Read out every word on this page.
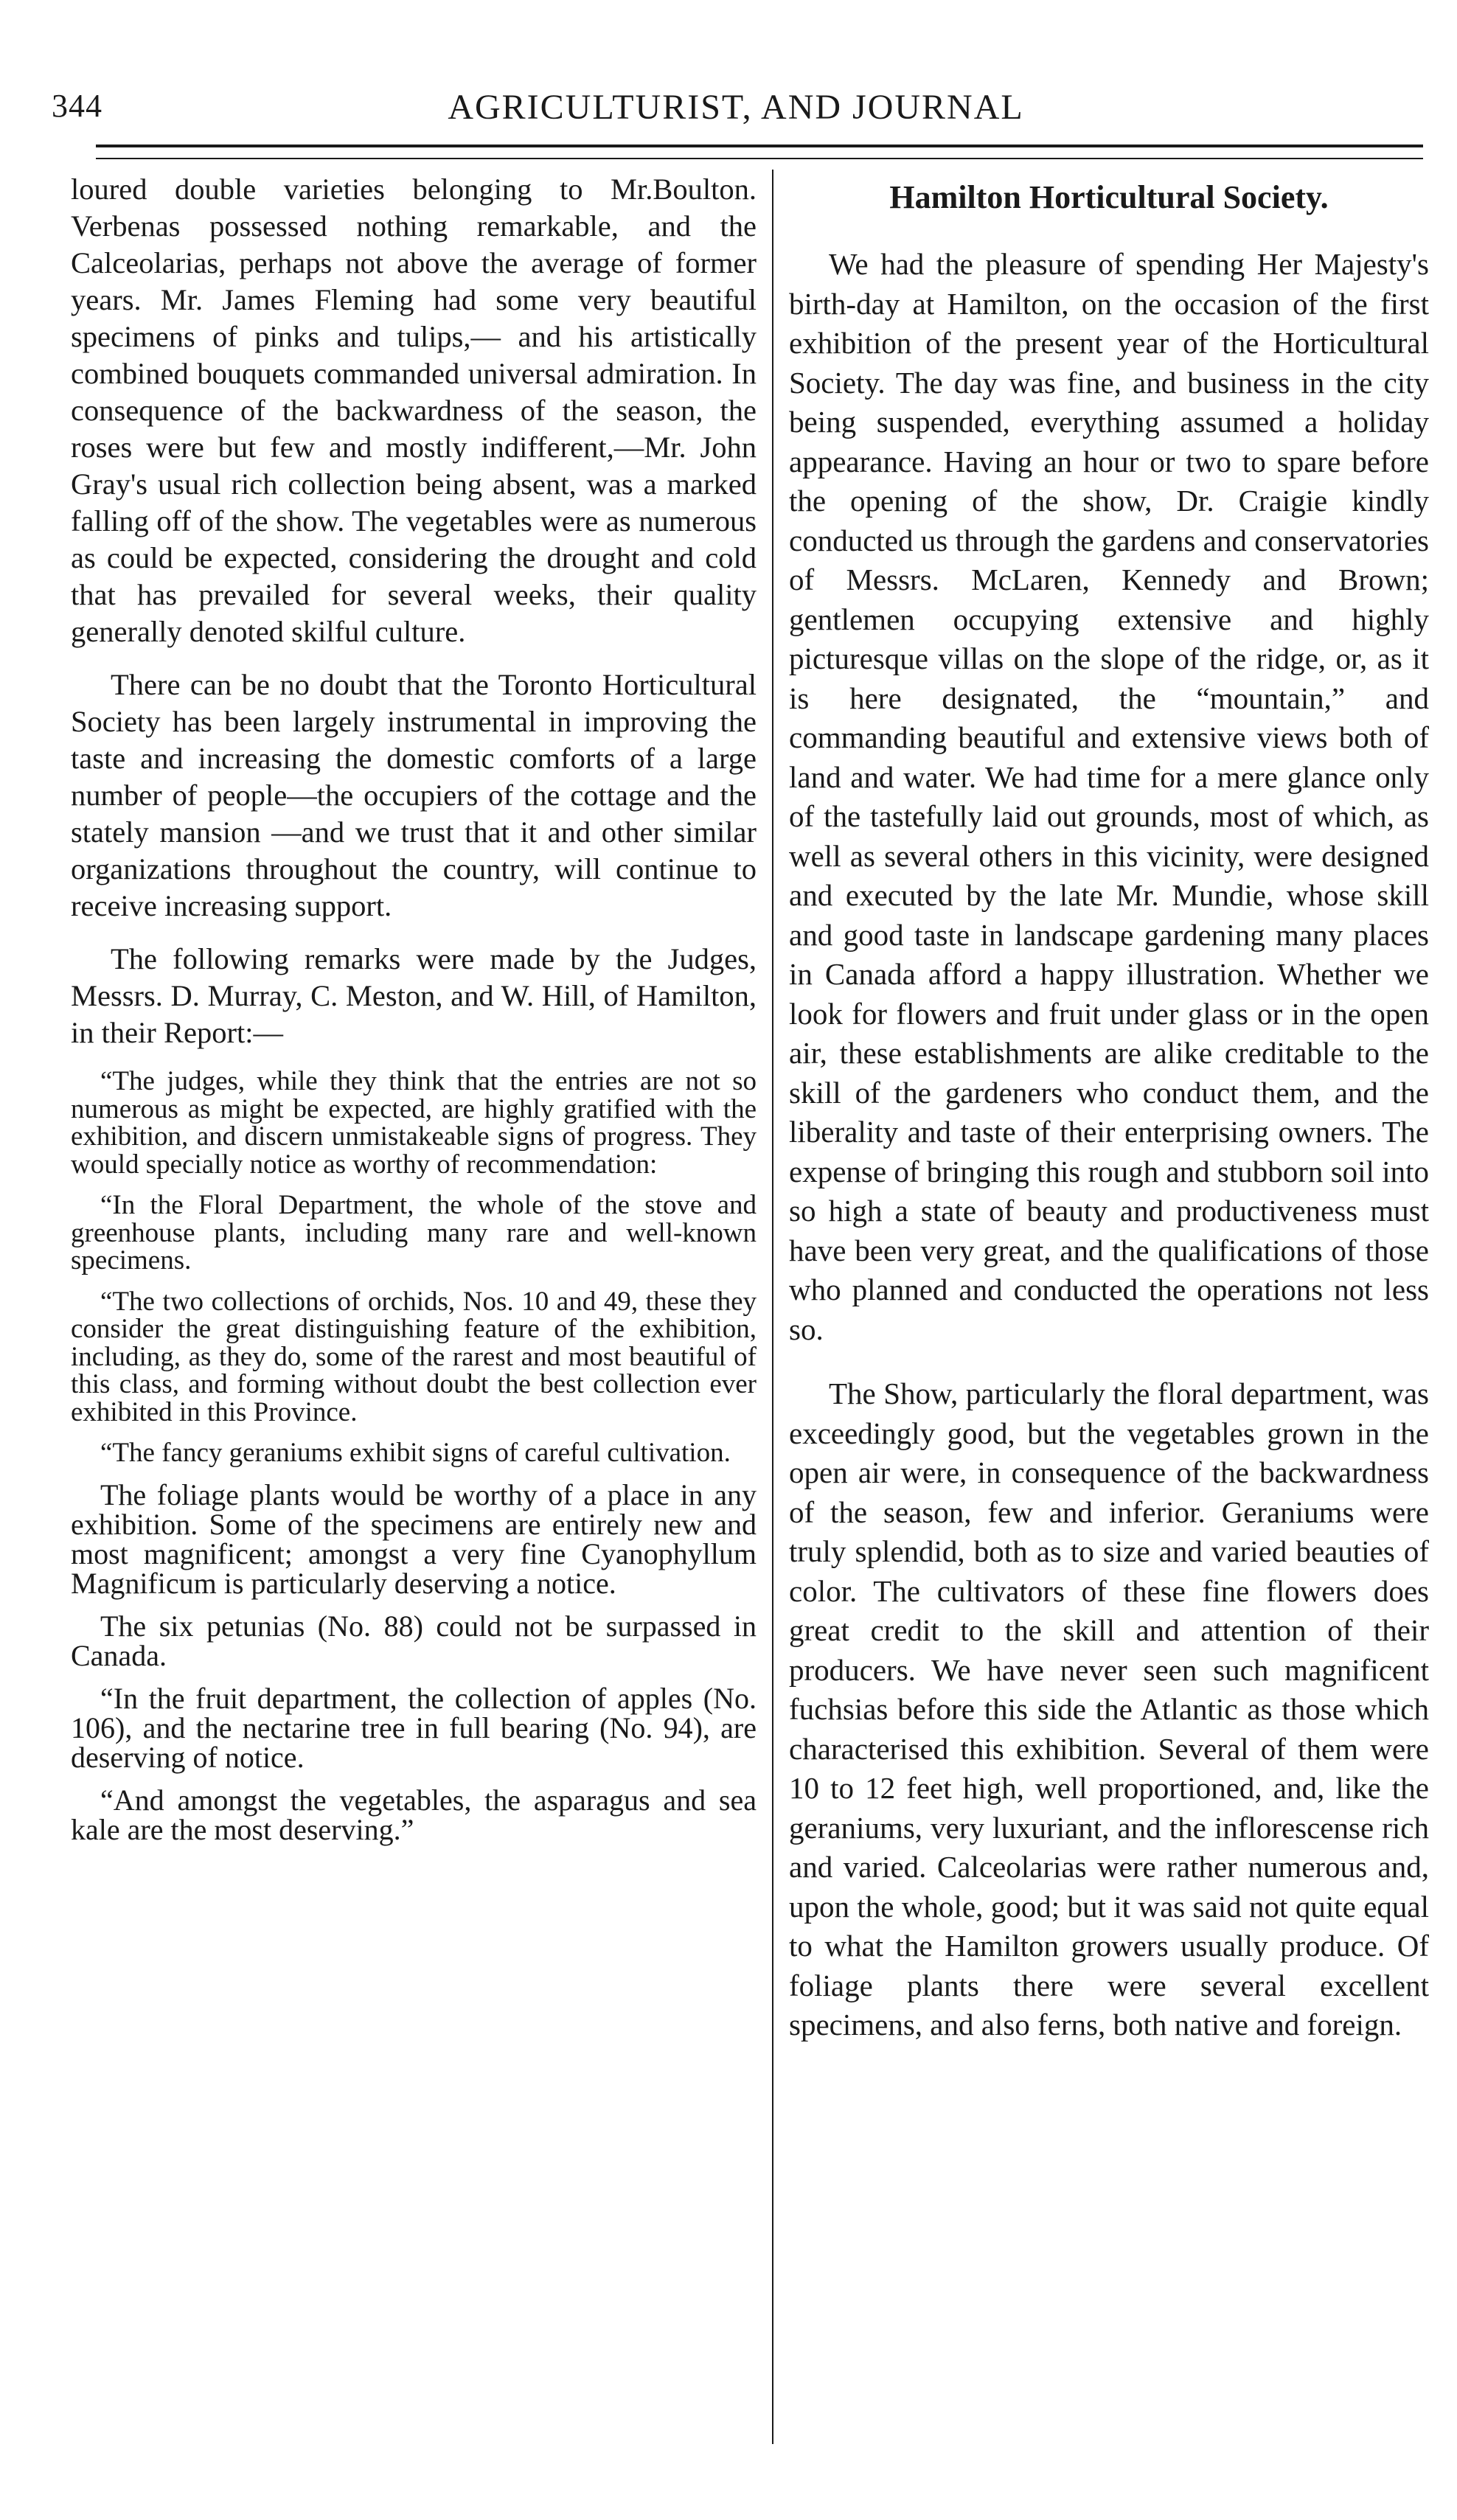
344	AGRICULTURIST, AND JOURNAL

loured double varieties belonging to Mr.Boulton. Verbenas possessed nothing remarkable, and the Calceolarias, perhaps not above the average of former years. Mr. James Fleming had some very beautiful specimens of pinks and tulips,— and his artistically combined bouquets commanded universal admiration. In consequence of the backwardness of the season, the roses were but few and mostly indifferent,—Mr. John Gray's usual rich collection being absent, was a marked falling off of the show. The vegetables were as numerous as could be expected, considering the drought and cold that has prevailed for several weeks, their quality generally denoted skilful culture.

There can be no doubt that the Toronto Horticultural Society has been largely instrumental in improving the taste and increasing the domestic comforts of a large number of people—the occupiers of the cottage and the stately mansion —and we trust that it and other similar organizations throughout the country, will continue to receive increasing support.

The following remarks were made by the Judges, Messrs. D. Murray, C. Meston, and W. Hill, of Hamilton, in their Report:—

“The judges, while they think that the entries are not so numerous as might be expected, are highly gratified with the exhibition, and discern unmistakeable signs of progress. They would specially notice as worthy of recommendation:

“In the Floral Department, the whole of the stove and greenhouse plants, including many rare and well-known specimens.

“The two collections of orchids, Nos. 10 and 49, these they consider the great distinguishing feature of the exhibition, including, as they do, some of the rarest and most beautiful of this class, and forming without doubt the best collection ever exhibited in this Province.

“The fancy geraniums exhibit signs of careful cultivation.

The foliage plants would be worthy of a place in any exhibition. Some of the specimens are entirely new and most magnificent; amongst a very fine Cyanophyllum Magnificum is particularly deserving a notice.

The six petunias (No. 88) could not be surpassed in Canada.

“In the fruit department, the collection of apples (No. 106), and the nectarine tree in full bearing (No. 94), are deserving of notice.

“And amongst the vegetables, the asparagus and sea kale are the most deserving.”

Hamilton Horticultural Society.

We had the pleasure of spending Her Majesty's birth-day at Hamilton, on the occasion of the first exhibition of the present year of the Horticultural Society. The day was fine, and business in the city being suspended, everything assumed a holiday appearance. Having an hour or two to spare before the opening of the show, Dr. Craigie kindly conducted us through the gardens and conservatories of Messrs. McLaren, Kennedy and Brown; gentlemen occupying extensive and highly picturesque villas on the slope of the ridge, or, as it is here designated, the “mountain,” and commanding beautiful and extensive views both of land and water. We had time for a mere glance only of the tastefully laid out grounds, most of which, as well as several others in this vicinity, were designed and executed by the late Mr. Mundie, whose skill and good taste in landscape gardening many places in Canada afford a happy illustration. Whether we look for flowers and fruit under glass or in the open air, these establishments are alike creditable to the skill of the gardeners who conduct them, and the liberality and taste of their enterprising owners. The expense of bringing this rough and stubborn soil into so high a state of beauty and productiveness must have been very great, and the qualifications of those who planned and conducted the operations not less so.

The Show, particularly the floral department, was exceedingly good, but the vegetables grown in the open air were, in consequence of the backwardness of the season, few and inferior. Geraniums were truly splendid, both as to size and varied beauties of color. The cultivators of these fine flowers does great credit to the skill and attention of their producers. We have never seen such magnificent fuchsias before this side the Atlantic as those which characterised this exhibition. Several of them were 10 to 12 feet high, well proportioned, and, like the geraniums, very luxuriant, and the inflorescense rich and varied. Calceolarias were rather numerous and, upon the whole, good; but it was said not quite equal to what the Hamilton growers usually produce. Of foliage plants there were several excellent specimens, and also ferns, both native and foreign.
